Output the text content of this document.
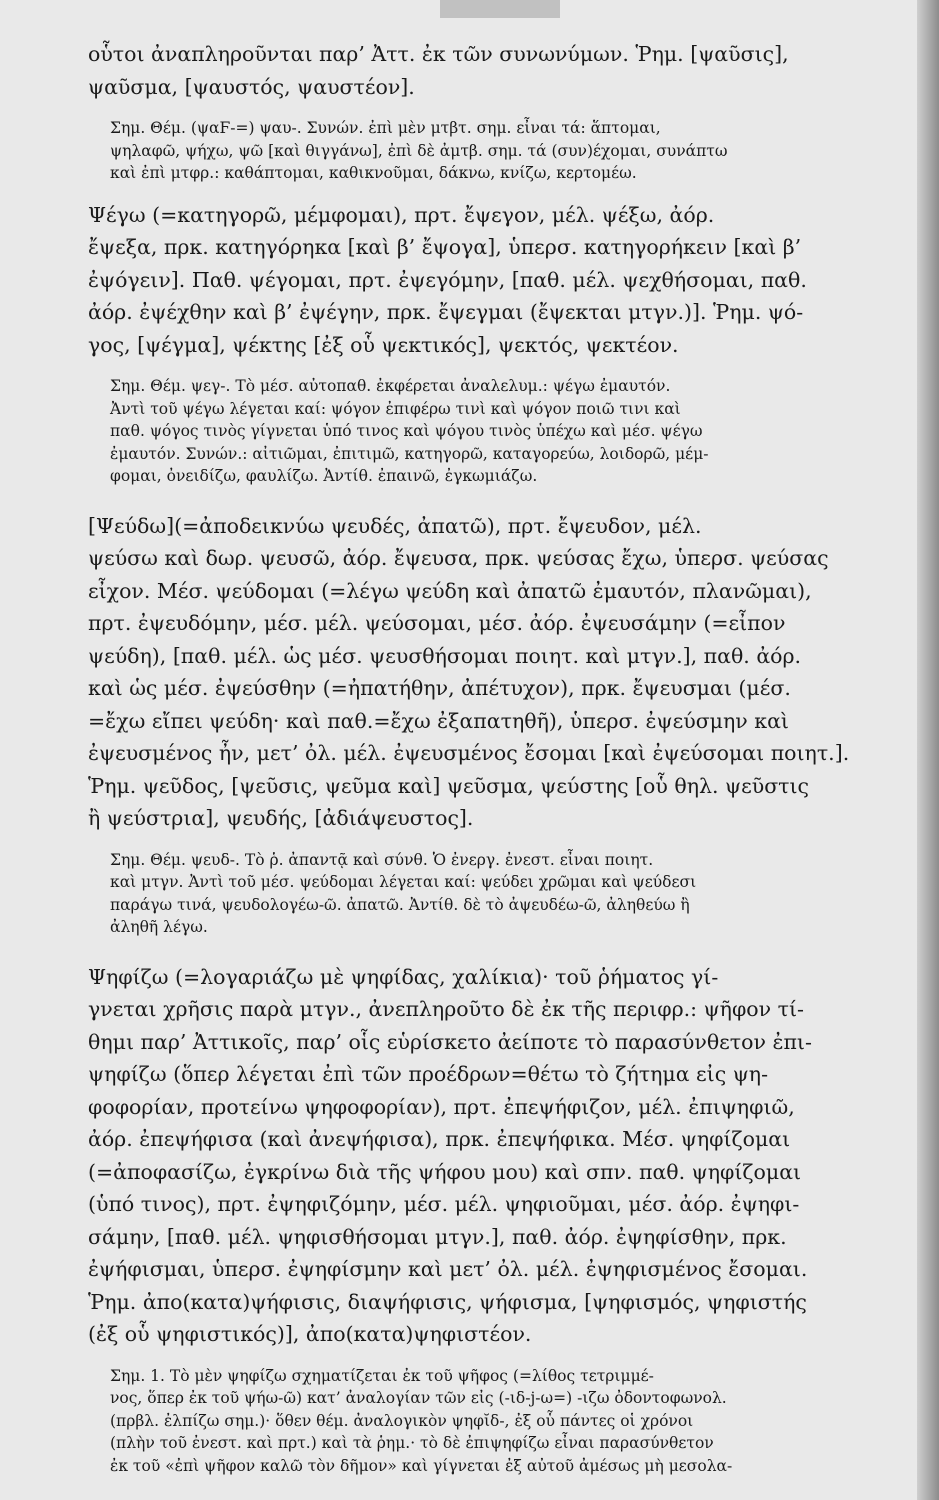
οὗτοι ἀναπληροῦνται παρ’ Ἀττ. ἐκ τῶν συνωνύμων. Ῥημ. [ψαῦσις],
ψαῦσμα, [ψαυστός, ψαυστέον].

Σημ. Θέμ. (ψαϜ-=) ψαυ-. Συνών. ἐπὶ μὲν μτβτ. σημ. εἶναι τά: ἅπτομαι,
ψηλαφῶ, ψήχω, ψῶ [καὶ θιγγάνω], ἐπὶ δὲ ἀμτβ. σημ. τά (συν)έχομαι, συνάπτω
καὶ ἐπὶ μτφρ.: καθάπτομαι, καθικνοῦμαι, δάκνω, κνίζω, κερτομέω.

Ψέγω (=κατηγορῶ, μέμφομαι), πρτ. ἔψεγον, μέλ. ψέξω, ἀόρ.
ἔψεξα, πρκ. κατηγόρηκα [καὶ β’ ἔψογα], ὑπερσ. κατηγορήκειν [καὶ β’
ἐψόγειν]. Παθ. ψέγομαι, πρτ. ἐψεγόμην, [παθ. μέλ. ψεχθήσομαι, παθ.
ἀόρ. ἐψέχθην καὶ β’ ἐψέγην, πρκ. ἔψεγμαι (ἔψεκται μτγν.)]. Ῥημ. ψό-
γος, [ψέγμα], ψέκτης [ἐξ οὗ ψεκτικός], ψεκτός, ψεκτέον.

Σημ. Θέμ. ψεγ-. Τὸ μέσ. αὐτοπαθ. ἐκφέρεται ἀναλελυμ.: ψέγω ἐμαυτόν.
Ἀντὶ τοῦ ψέγω λέγεται καί: ψόγον ἐπιφέρω τινὶ καὶ ψόγον ποιῶ τινι καὶ
παθ. ψόγος τινὸς γίγνεται ὑπό τινος καὶ ψόγου τινὸς ὑπέχω καὶ μέσ. ψέγω
ἐμαυτόν. Συνών.: αἰτιῶμαι, ἐπιτιμῶ, κατηγορῶ, καταγορεύω, λοιδορῶ, μέμ-
φομαι, ὀνειδίζω, φαυλίζω. Ἀντίθ. ἐπαινῶ, ἐγκωμιάζω.

[Ψεύδω](=ἀποδεικνύω ψευδές, ἀπατῶ), πρτ. ἔψευδον, μέλ.
ψεύσω καὶ δωρ. ψευσῶ, ἀόρ. ἔψευσα, πρκ. ψεύσας ἔχω, ὑπερσ. ψεύσας
εἶχον. Μέσ. ψεύδομαι (=λέγω ψεύδη καὶ ἀπατῶ ἐμαυτόν, πλανῶμαι),
πρτ. ἐψευδόμην, μέσ. μέλ. ψεύσομαι, μέσ. ἀόρ. ἐψευσάμην (=εἶπον
ψεύδη), [παθ. μέλ. ὡς μέσ. ψευσθήσομαι ποιητ. καὶ μτγν.], παθ. ἀόρ.
καὶ ὡς μέσ. ἐψεύσθην (=ἠπατήθην, ἀπέτυχον), πρκ. ἔψευσμαι (μέσ.
=ἔχω εἴπει ψεύδη· καὶ παθ.=ἔχω ἐξαπατηθῆ), ὑπερσ. ἐψεύσμην καὶ
ἐψευσμένος ἦν, μετ’ ὀλ. μέλ. ἐψευσμένος ἔσομαι [καὶ ἐψεύσομαι ποιητ.].
Ῥημ. ψεῦδος, [ψεῦσις, ψεῦμα καὶ] ψεῦσμα, ψεύστης [οὗ θηλ. ψεῦστις
ἢ ψεύστρια], ψευδής, [ἀδιάψευστος].

Σημ. Θέμ. ψευδ-. Τὸ ῥ. ἀπαντᾷ καὶ σύνθ. Ὁ ἐνεργ. ἐνεστ. εἶναι ποιητ.
καὶ μτγν. Ἀντὶ τοῦ μέσ. ψεύδομαι λέγεται καί: ψεύδει χρῶμαι καὶ ψεύδεσι
παράγω τινά, ψευδολογέω-ῶ. ἀπατῶ. Ἀντίθ. δὲ τὸ ἀψευδέω-ῶ, ἀληθεύω ἢ
ἀληθῆ λέγω.

Ψηφίζω (=λογαριάζω μὲ ψηφίδας, χαλίκια)· τοῦ ῥήματος γί-
γνεται χρῆσις παρὰ μτγν., ἀνεπληροῦτο δὲ ἐκ τῆς περιφρ.: ψῆφον τί-
θημι παρ’ Ἀττικοῖς, παρ’ οἷς εὑρίσκετο ἀείποτε τὸ παρασύνθετον ἐπι-
ψηφίζω (ὅπερ λέγεται ἐπὶ τῶν προέδρων=θέτω τὸ ζήτημα εἰς ψη-
φοφορίαν, προτείνω ψηφοφορίαν), πρτ. ἐπεψήφιζον, μέλ. ἐπιψηφιῶ,
ἀόρ. ἐπεψήφισα (καὶ ἀνεψήφισα), πρκ. ἐπεψήφικα. Μέσ. ψηφίζομαι
(=ἀποφασίζω, ἐγκρίνω διὰ τῆς ψήφου μου) καὶ σπν. παθ. ψηφίζομαι
(ὑπό τινος), πρτ. ἐψηφιζόμην, μέσ. μέλ. ψηφιοῦμαι, μέσ. ἀόρ. ἐψηφι-
σάμην, [παθ. μέλ. ψηφισθήσομαι μτγν.], παθ. ἀόρ. ἐψηφίσθην, πρκ.
ἐψήφισμαι, ὑπερσ. ἐψηφίσμην καὶ μετ’ ὀλ. μέλ. ἐψηφισμένος ἔσομαι.
Ῥημ. ἀπο(κατα)ψήφισις, διαψήφισις, ψήφισμα, [ψηφισμός, ψηφιστής
(ἐξ οὗ ψηφιστικός)], ἀπο(κατα)ψηφιστέον.

Σημ. 1. Τὸ μὲν ψηφίζω σχηματίζεται ἐκ τοῦ ψῆφος (=λίθος τετριμμέ-
νος, ὅπερ ἐκ τοῦ ψήω-ῶ) κατ’ ἀναλογίαν τῶν εἰς (-ιδ-j-ω=) -ιζω ὀδοντοφωνολ.
(πρβλ. ἐλπίζω σημ.)· ὅθεν θέμ. ἀναλογικὸν ψηφῐδ-, ἐξ οὗ πάντες οἱ χρόνοι
(πλὴν τοῦ ἐνεστ. καὶ πρτ.) καὶ τὰ ῥημ.· τὸ δὲ ἐπιψηφίζω εἶναι παρασύνθετον
ἐκ τοῦ «ἐπὶ ψῆφον καλῶ τὸν δῆμον» καὶ γίγνεται ἐξ αὐτοῦ ἀμέσως μὴ μεσολα-
